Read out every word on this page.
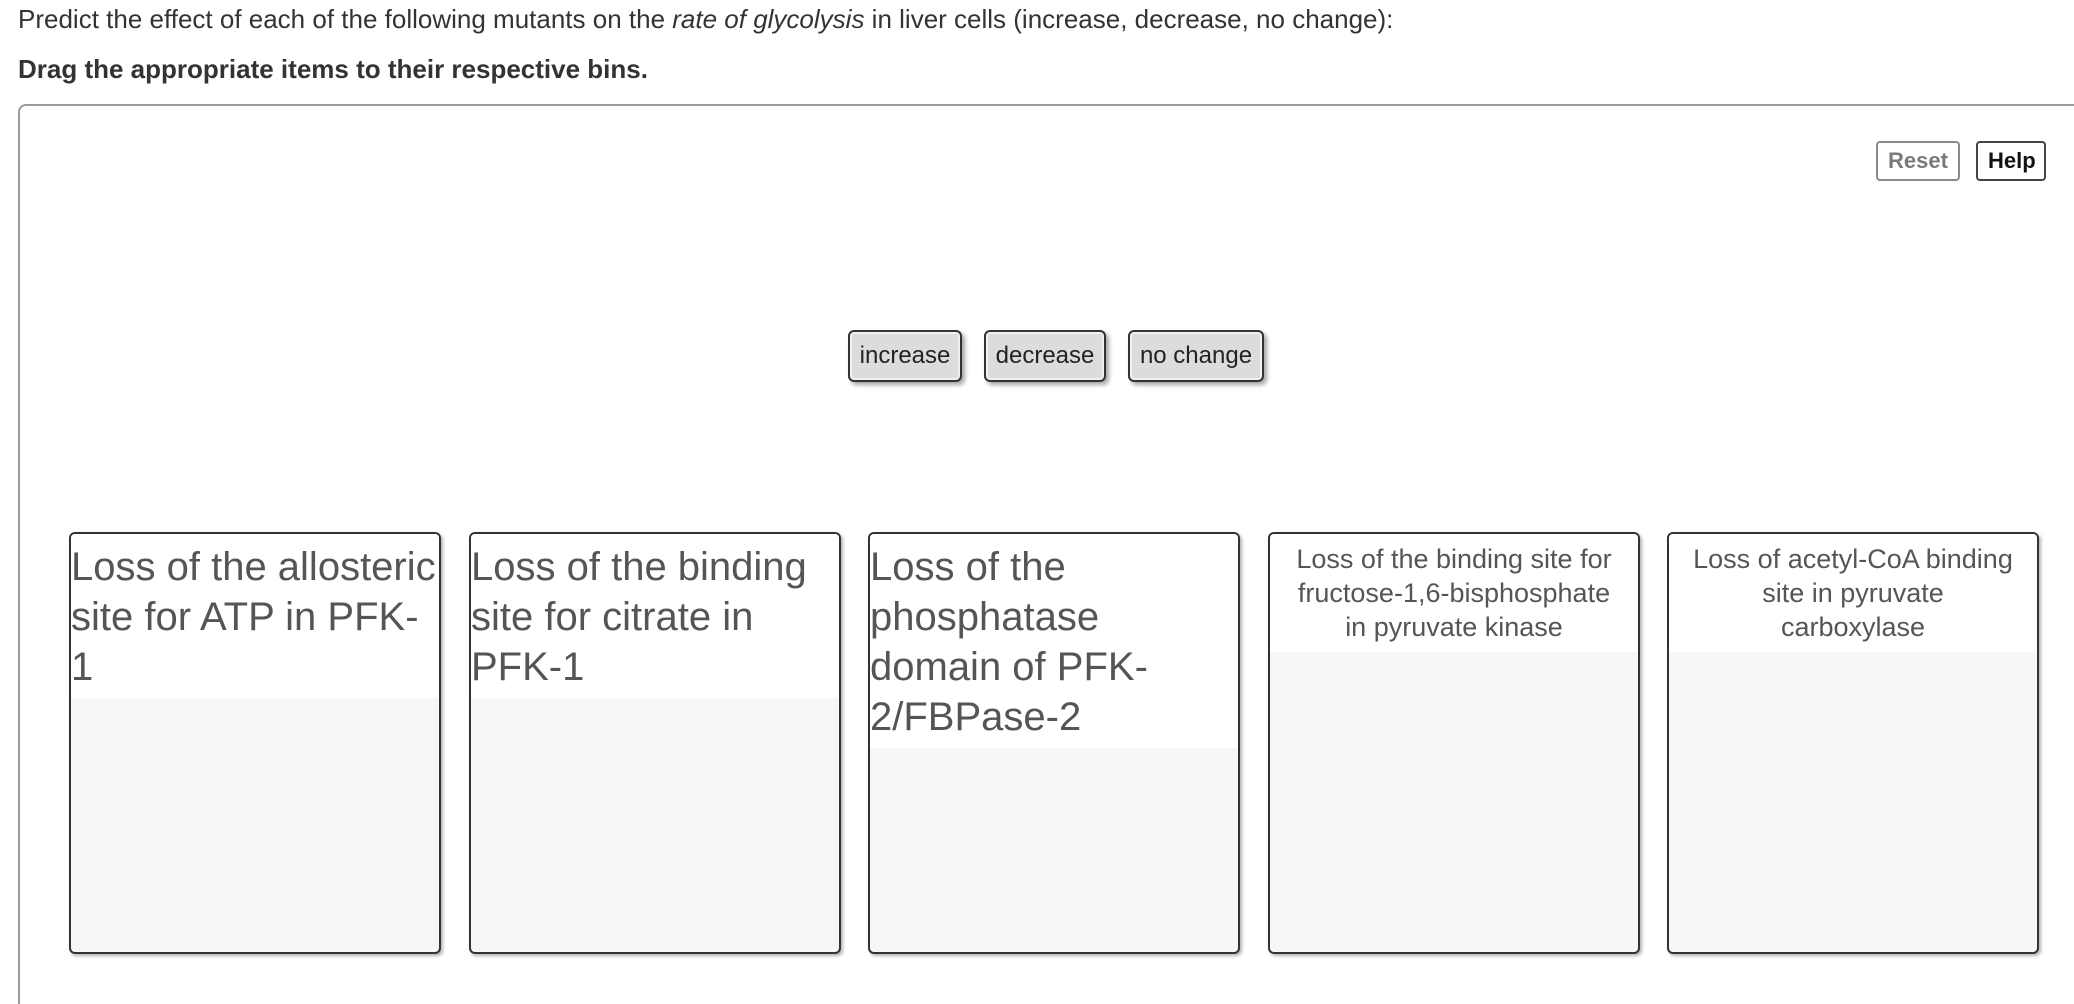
Predict the effect of each of the following mutants on the rate of glycolysis in liver cells (increase, decrease, no change):
Drag the appropriate items to their respective bins.
Reset	Help
increase	decrease	no change
Loss of the allosteric site for ATP in PFK-1
Loss of the binding site for citrate in PFK-1
Loss of the phosphatase domain of PFK-2/FBPase-2
Loss of the binding site for fructose-1,6-bisphosphate in pyruvate kinase
Loss of acetyl-CoA binding site in pyruvate carboxylase
